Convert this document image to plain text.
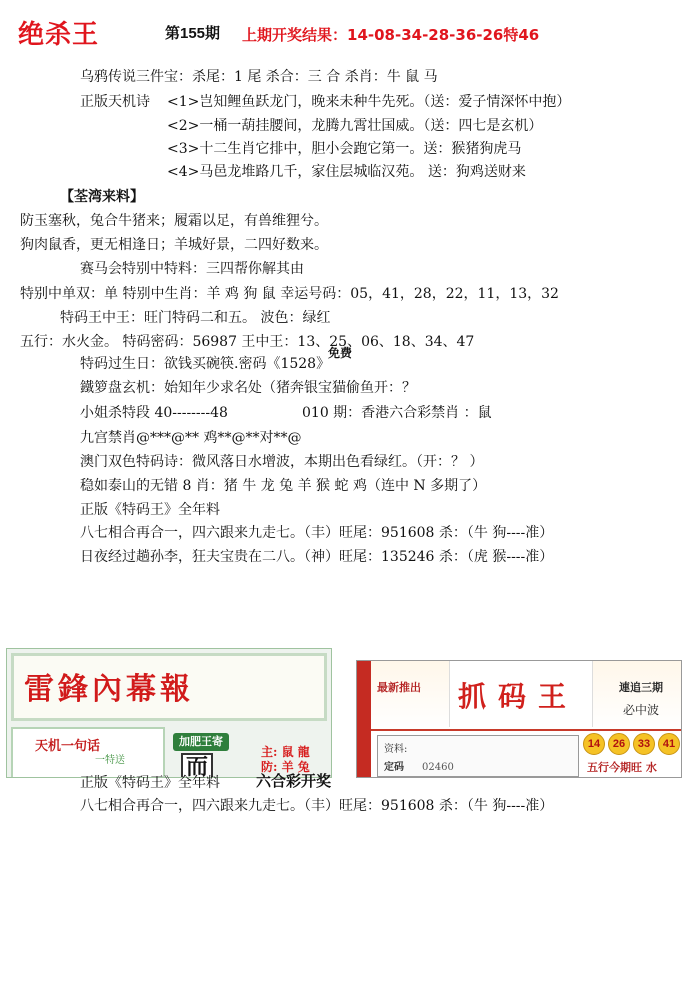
绝杀王	第155期 上期开奖结果：14-08-34-28-36-26特46
乌鸦传说三件宝：杀尾：1 尾 杀合：三 合 杀肖：牛 鼠 马
正版天机诗 <1>岂知鲤鱼跃龙门，晚来未种牛先死。（送：爱子情深怀中抱）
<2>一桶一葫挂腰间，龙腾九霄壮国威。（送：四七是玄机）
<3>十二生肖它排中，胆小会跑它第一。送：猴猪狗虎马
<4>马邑龙堆路几千，家住层城临汉苑。 送：狗鸡送财来
【荃湾来料】
防玉塞秋，兔合牛猪来；履霜以足，有兽维狸兮。
狗肉鼠香，更无相逢日；羊城好景，二四好数来。
赛马会特别中特料：三四帮你解其由
特别中单双：单 特别中生肖：羊 鸡 狗 鼠 幸运号码：05，41，28，22，11，13，32
特码王中王：旺门特码二和五。 波色：绿红
五行：水火金。 特码密码：56987 王中王：13、25、06、18、34、47
免费
特码过生日：欲钱买碗筷.密码《1528》
鐵箩盘玄机：始知年少求名处（猪奔银宝猫偷鱼开：？
小姐杀特段 40--------48	010 期：香港六合彩禁肖 ：鼠
九宫禁肖@***@** 鸡**@**对**@
澳门双色特码诗：微风落日水增波，本期出色看绿红。（开：？ ）
稳如泰山的无错 8 肖：猪 牛 龙 兔 羊 猴 蛇 鸡（连中 N 多期了）
正版《特码王》全年料
八七相合再合一，四六跟来九走七。（丰）旺尾：951608 杀：（牛 狗----准）
日夜经过趟孙李，狂夫宝贵在二八。（神）旺尾：135246 杀：（虎 猴----准）
雷鋒內幕報
天机一句话
一特送
加肥王寄
而
主: 鼠 龍
防: 羊 兔
最新推出 抓码王	連追三期
必中波
资料:
定码 02460
14	26	33	41
五行今期旺 水
六合彩开奖
正版《特码王》全年料
八七相合再合一，四六跟来九走七。（丰）旺尾：951608 杀：（牛 狗----准）
